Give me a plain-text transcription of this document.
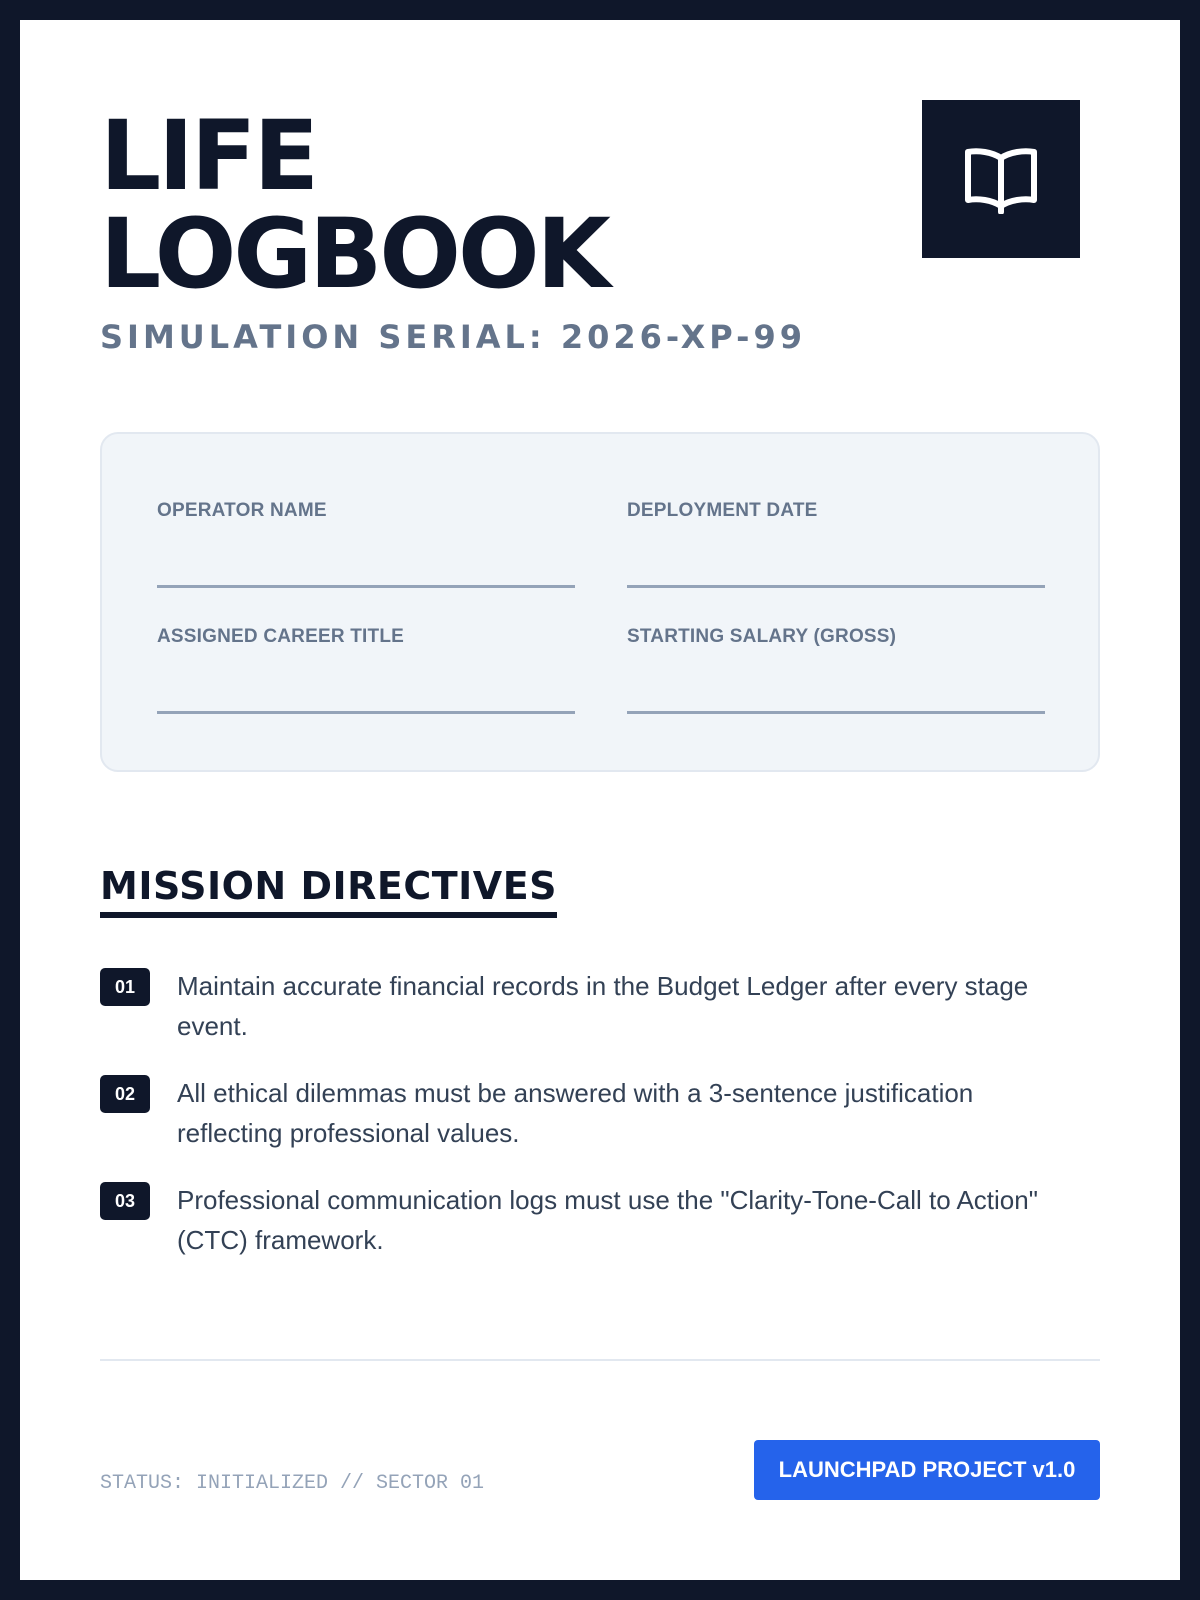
LIFE
LOGBOOK
SIMULATION SERIAL: 2026-XP-99
OPERATOR NAME	DEPLOYMENT DATE
ASSIGNED CAREER TITLE	STARTING SALARY (GROSS)
MISSION DIRECTIVES
01	Maintain accurate financial records in the Budget Ledger after every stage event.
02	All ethical dilemmas must be answered with a 3-sentence justification reflecting professional values.
03	Professional communication logs must use the "Clarity-Tone-Call to Action" (CTC) framework.
STATUS: INITIALIZED // SECTOR 01
LAUNCHPAD PROJECT v1.0
